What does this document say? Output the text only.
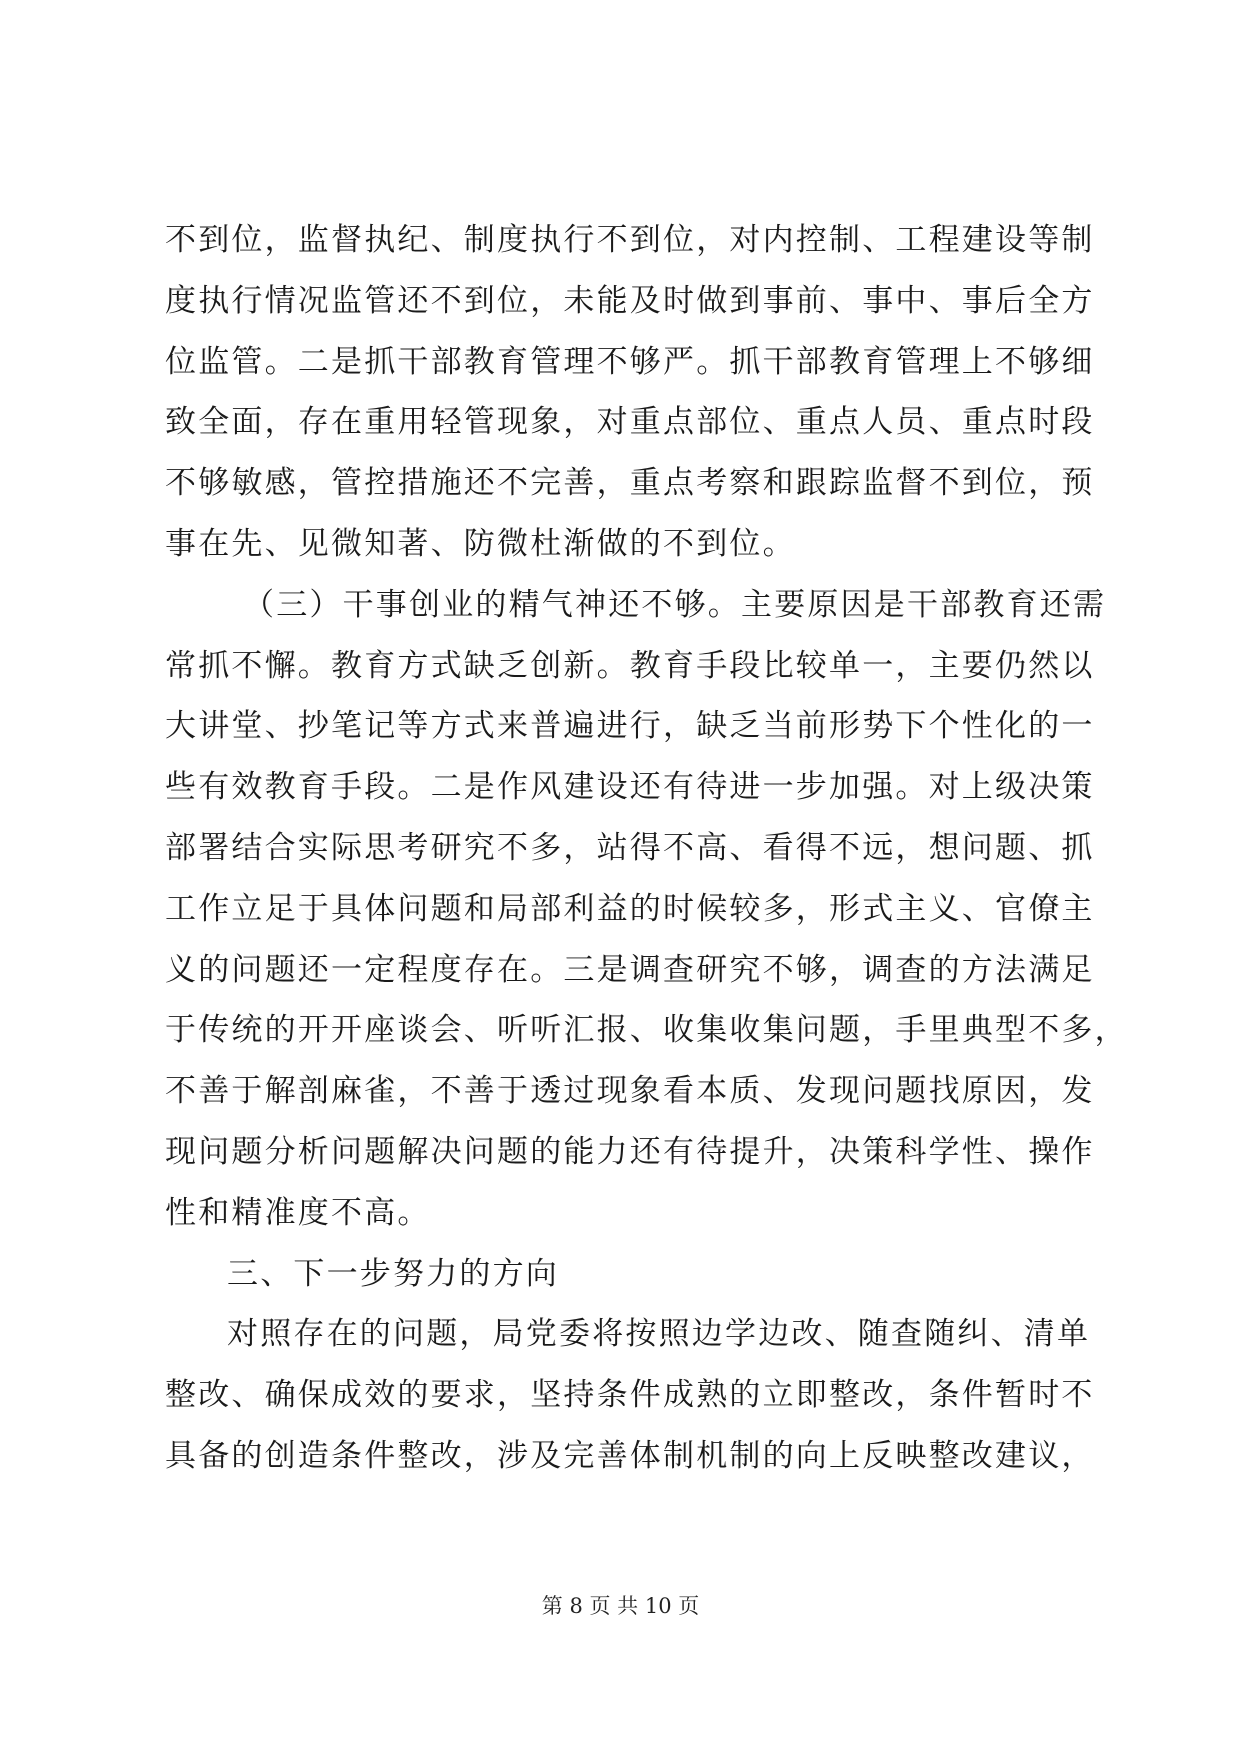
不到位，监督执纪、制度执行不到位，对内控制、工程建设等制
度执行情况监管还不到位，未能及时做到事前、事中、事后全方
位监管。二是抓干部教育管理不够严。抓干部教育管理上不够细
致全面，存在重用轻管现象，对重点部位、重点人员、重点时段
不够敏感，管控措施还不完善，重点考察和跟踪监督不到位，预
事在先、见微知著、防微杜渐做的不到位。
（三）干事创业的精气神还不够。主要原因是干部教育还需
常抓不懈。教育方式缺乏创新。教育手段比较单一，主要仍然以
大讲堂、抄笔记等方式来普遍进行，缺乏当前形势下个性化的一
些有效教育手段。二是作风建设还有待进一步加强。对上级决策
部署结合实际思考研究不多，站得不高、看得不远，想问题、抓
工作立足于具体问题和局部利益的时候较多，形式主义、官僚主
义的问题还一定程度存在。三是调查研究不够，调查的方法满足
于传统的开开座谈会、听听汇报、收集收集问题，手里典型不多，
不善于解剖麻雀，不善于透过现象看本质、发现问题找原因，发
现问题分析问题解决问题的能力还有待提升，决策科学性、操作
性和精准度不高。
三、下一步努力的方向
对照存在的问题，局党委将按照边学边改、随查随纠、清单
整改、确保成效的要求，坚持条件成熟的立即整改，条件暂时不
具备的创造条件整改，涉及完善体制机制的向上反映整改建议，
第 8 页 共 10 页
